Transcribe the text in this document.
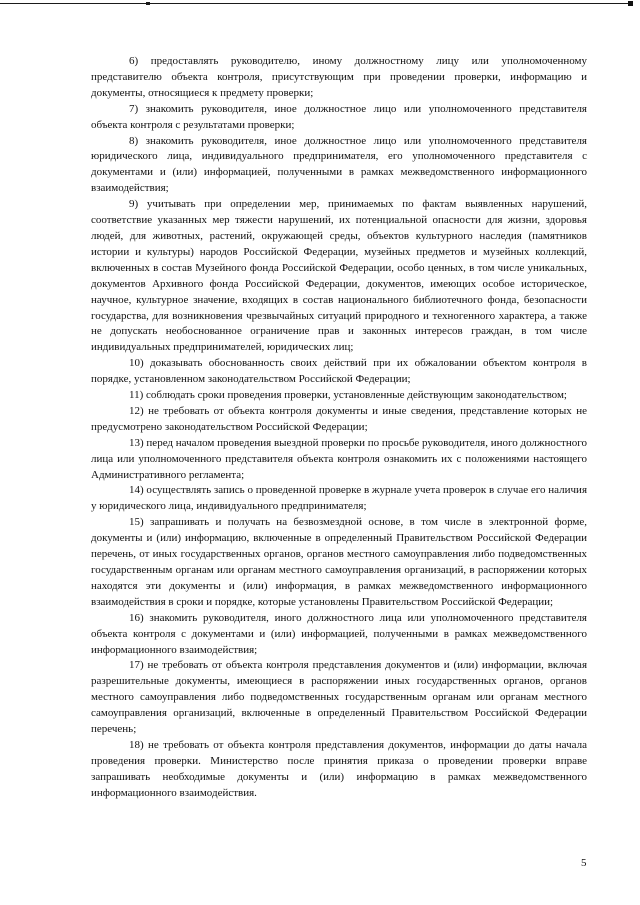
6) предоставлять руководителю, иному должностному лицу или уполномоченному представителю объекта контроля, присутствующим при проведении проверки, информацию и документы, относящиеся к предмету проверки;

7) знакомить руководителя, иное должностное лицо или уполномоченного представителя объекта контроля с результатами проверки;

8) знакомить руководителя, иное должностное лицо или уполномоченного представителя юридического лица, индивидуального предпринимателя, его уполномоченного представителя с документами и (или) информацией, полученными в рамках межведомственного информационного взаимодействия;

9) учитывать при определении мер, принимаемых по фактам выявленных нарушений, соответствие указанных мер тяжести нарушений, их потенциальной опасности для жизни, здоровья людей, для животных, растений, окружающей среды, объектов культурного наследия (памятников истории и культуры) народов Российской Федерации, музейных предметов и музейных коллекций, включенных в состав Музейного фонда Российской Федерации, особо ценных, в том числе уникальных, документов Архивного фонда Российской Федерации, документов, имеющих особое историческое, научное, культурное значение, входящих в состав национального библиотечного фонда, безопасности государства, для возникновения чрезвычайных ситуаций природного и техногенного характера, а также не допускать необоснованное ограничение прав и законных интересов граждан, в том числе индивидуальных предпринимателей, юридических лиц;

10) доказывать обоснованность своих действий при их обжаловании объектом контроля в порядке, установленном законодательством Российской Федерации;

11) соблюдать сроки проведения проверки, установленные действующим законодательством;

12) не требовать от объекта контроля документы и иные сведения, представление которых не предусмотрено законодательством Российской Федерации;

13) перед началом проведения выездной проверки по просьбе руководителя, иного должностного лица или уполномоченного представителя объекта контроля ознакомить их с положениями настоящего Административного регламента;

14) осуществлять запись о проведенной проверке в журнале учета проверок в случае его наличия у юридического лица, индивидуального предпринимателя;

15) запрашивать и получать на безвозмездной основе, в том числе в электронной форме, документы и (или) информацию, включенные в определенный Правительством Российской Федерации перечень, от иных государственных органов, органов местного самоуправления либо подведомственных государственным органам или органам местного самоуправления организаций, в распоряжении которых находятся эти документы и (или) информация, в рамках межведомственного информационного взаимодействия в сроки и порядке, которые установлены Правительством Российской Федерации;

16) знакомить руководителя, иного должностного лица или уполномоченного представителя объекта контроля с документами и (или) информацией, полученными в рамках межведомственного информационного взаимодействия;

17) не требовать от объекта контроля представления документов и (или) информации, включая разрешительные документы, имеющиеся в распоряжении иных государственных органов, органов местного самоуправления либо подведомственных государственным органам или органам местного самоуправления организаций, включенные в определенный Правительством Российской Федерации перечень;

18) не требовать от объекта контроля представления документов, информации до даты начала проведения проверки. Министерство после принятия приказа о проведении проверки вправе запрашивать необходимые документы и (или) информацию в рамках межведомственного информационного взаимодействия.

5
